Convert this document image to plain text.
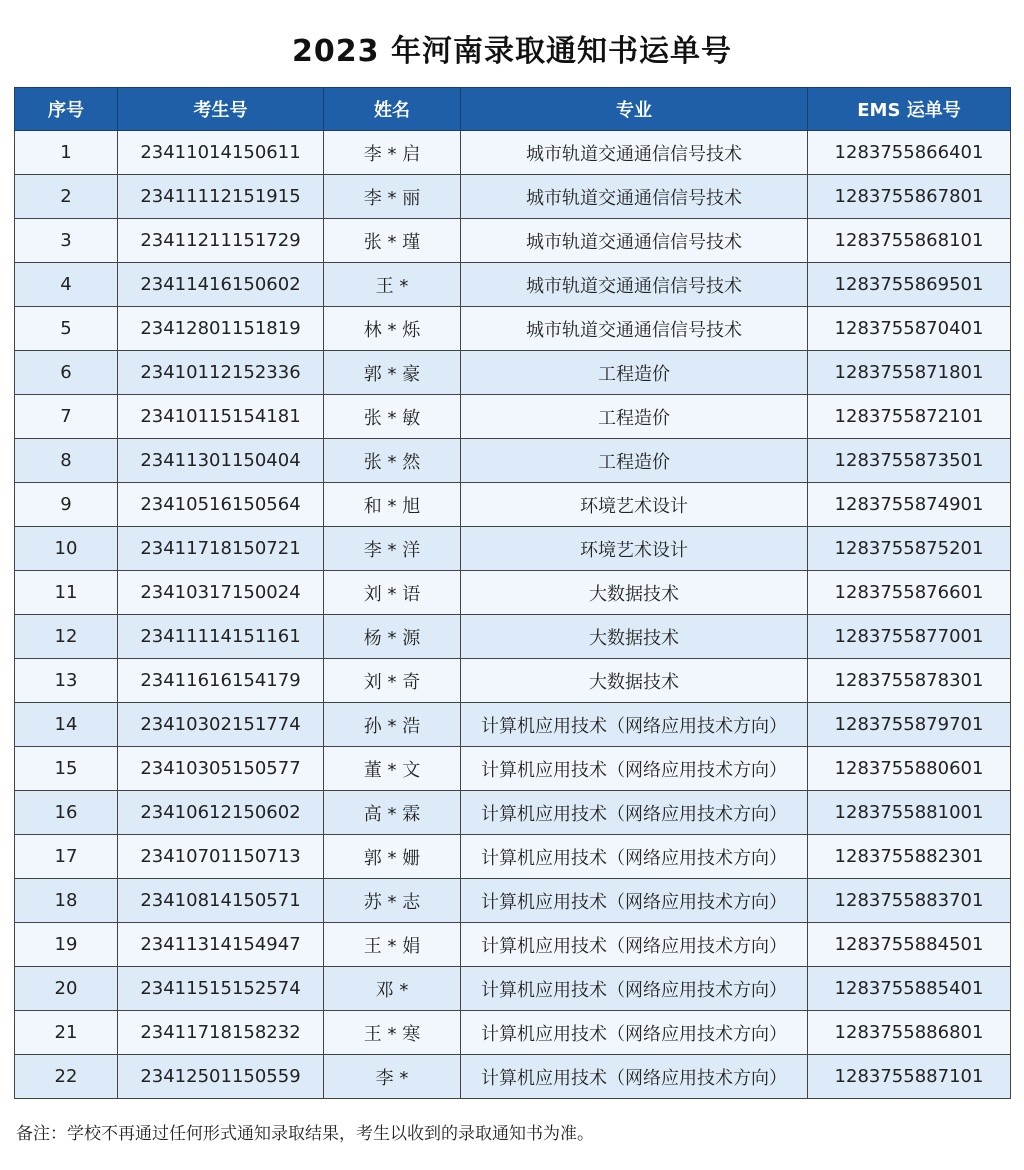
2023 年河南录取通知书运单号
序号	考生号	姓名	专业	EMS 运单号
1	23411014150611	李 * 启	城市轨道交通通信信号技术	1283755866401
2	23411112151915	李 * 丽	城市轨道交通通信信号技术	1283755867801
3	23411211151729	张 * 瑾	城市轨道交通通信信号技术	1283755868101
4	23411416150602	王 *	城市轨道交通通信信号技术	1283755869501
5	23412801151819	林 * 烁	城市轨道交通通信信号技术	1283755870401
6	23410112152336	郭 * 豪	工程造价	1283755871801
7	23410115154181	张 * 敏	工程造价	1283755872101
8	23411301150404	张 * 然	工程造价	1283755873501
9	23410516150564	和 * 旭	环境艺术设计	1283755874901
10	23411718150721	李 * 洋	环境艺术设计	1283755875201
11	23410317150024	刘 * 语	大数据技术	1283755876601
12	23411114151161	杨 * 源	大数据技术	1283755877001
13	23411616154179	刘 * 奇	大数据技术	1283755878301
14	23410302151774	孙 * 浩	计算机应用技术（网络应用技术方向）	1283755879701
15	23410305150577	董 * 文	计算机应用技术（网络应用技术方向）	1283755880601
16	23410612150602	高 * 霖	计算机应用技术（网络应用技术方向）	1283755881001
17	23410701150713	郭 * 姗	计算机应用技术（网络应用技术方向）	1283755882301
18	23410814150571	苏 * 志	计算机应用技术（网络应用技术方向）	1283755883701
19	23411314154947	王 * 娟	计算机应用技术（网络应用技术方向）	1283755884501
20	23411515152574	邓 *	计算机应用技术（网络应用技术方向）	1283755885401
21	23411718158232	王 * 寒	计算机应用技术（网络应用技术方向）	1283755886801
22	23412501150559	李 *	计算机应用技术（网络应用技术方向）	1283755887101
备注：学校不再通过任何形式通知录取结果，考生以收到的录取通知书为准。
